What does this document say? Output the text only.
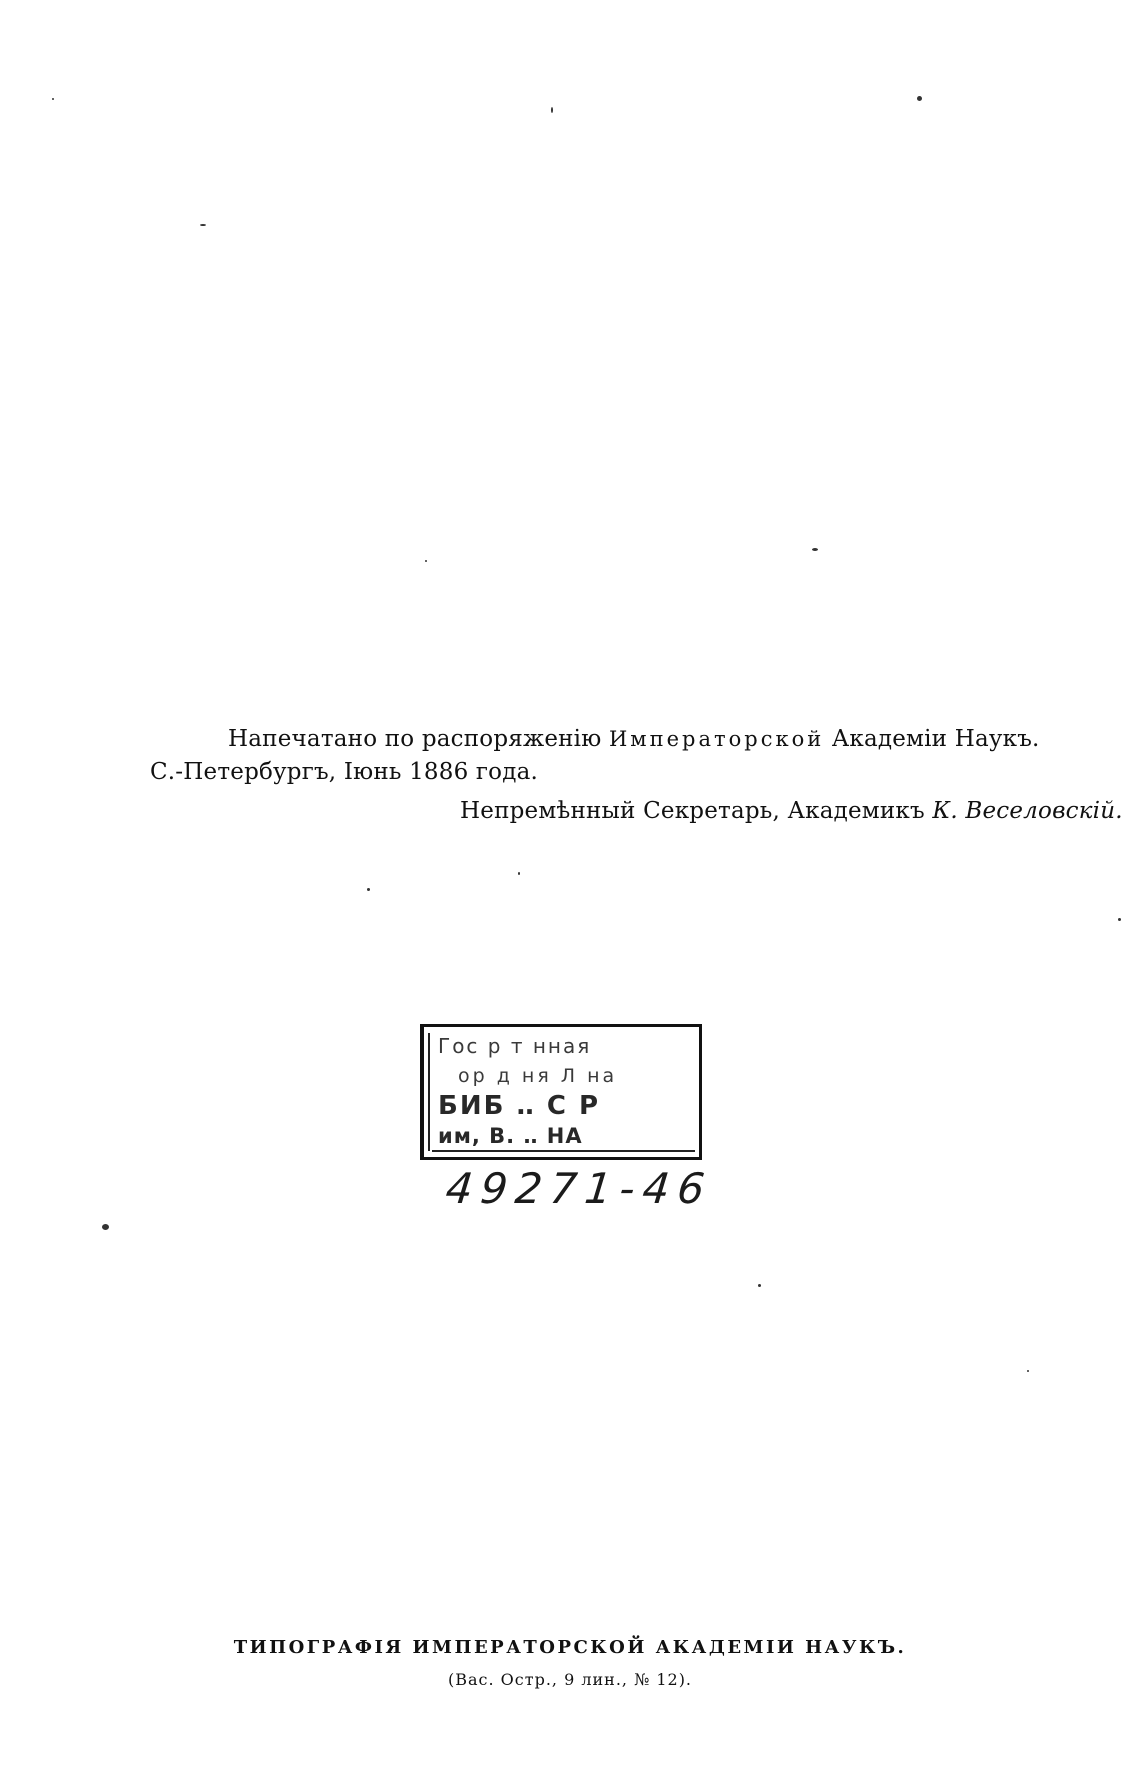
Напечатано по распоряженію Императорской Академіи Наукъ.
С.-Петербургъ, Іюнь 1886 года.
Непремѣнный Секретарь, Академикъ К. Веселовскій.
Гос р т нная
ор д ня Л на
БИБ ‥ С Р
им, В. ‥ НА
49271-46
ТИПОГРАФІЯ ИМПЕРАТОРСКОЙ АКАДЕМІИ НАУКЪ.
(Вас. Остр., 9 лин., № 12).
